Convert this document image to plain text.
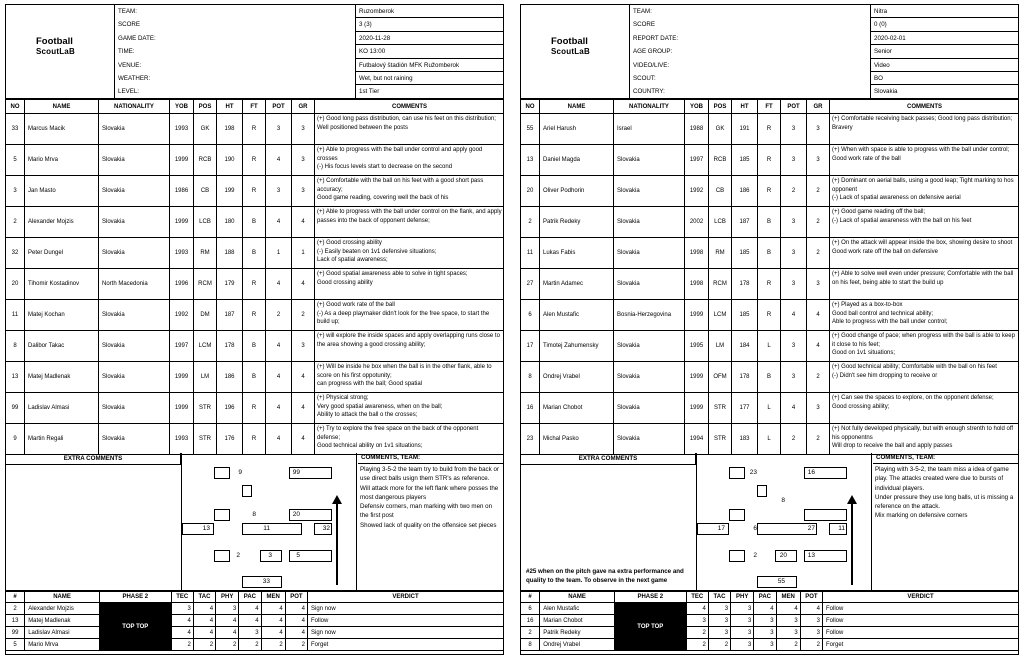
Football
ScoutLaB
TEAM:	Ruzomberok
SCORE	3 (3)
GAME DATE:	2020-11-28
TIME:	KO 13:00
VENUE:	Futbalový štadión MFK Ružomberok
WEATHER:	Wet, but not raining
LEVEL:	1st Tier
NO	NAME	NATIONALITY	YOB	POS	HT	FT	POT	GR	COMMENTS
33	Marcus Macik	Slovakia	1993	GK	198	R	3	3	(+) Good long pass distribution, can use his feet on this distribution;
Well positioned between the posts
5	Mario Mrva	Slovakia	1999	RCB	190	R	4	3	(+) Able to progress with the ball under control and apply good crosses
(-) His focus levels start to decrease on the second
3	Jan Masto	Slovakia	1986	CB	199	R	3	3	(+) Comfortable with the ball on his feet with a good short pass accuracy;
Good game reading, covering well the back of his
2	Alexander Mojzis	Slovakia	1999	LCB	180	B	4	4	(+) Able to progress with the ball under control on the flank, and apply passes into the back of opponent defense;
32	Peter Dungel	Slovakia	1993	RM	188	B	1	1	(+) Good crossing ability
(-) Easily beaten on 1v1 defensive situations;
Lack of spatial awareness;
20	Tihomir Kostadinov	North Macedonia	1996	RCM	179	R	4	4	(+) Good spatial awareness able to solve in tight spaces;
Good crossing ability
11	Matej Kochan	Slovakia	1992	DM	187	R	2	2	(+) Good work rate of the ball
(-) As a deep playmaker didn't look for the free space, to start the build up;
8	Dalibor Takac	Slovakia	1997	LCM	178	B	4	3	(+) will explore the inside spaces and apply overlapping runs close to the area showing a good crossing ability;
13	Matej Madlenak	Slovakia	1999	LM	186	B	4	4	(+) Will be inside he box when the ball is in the other flank, able to score on his first oppotunity;
can progress with the ball; Good spatial
99	Ladislav Almasi	Slovakia	1999	STR	196	R	4	4	(+) Physical strong;
Very good spatial awareness, when on the ball;
Ability to attack the ball o the crosses;
9	Martin Regali	Slovakia	1993	STR	176	R	4	4	(+) Try to explore the free space on the back of the opponent defense;
Good technical ability on 1v1 situations;
EXTRA COMMENTS
9	99
8	20
13	11	32
2	3	5
33
COMMENTS, TEAM:
Playing 3-5-2 the team try to build from the back or use direct balls usign them STR's as reference. Will attack more for the left flank where posses the most dangerous players
Defensiv corners, man marking with two men on the first post
Showed lack of quality on the offensice set pieces
#	NAME	PHASE 2	TEC	TAC	PHY	PAC	MEN	POT	VERDICT
2	Alexander Mojzis	TOP TOP	3	4	3	4	4	4	Sign now
13	Matej Madlenak		4	4	4	4	4	4	Follow
99	Ladislav Almasi		4	4	4	3	4	4	Sign now
5	Mario Mrva		2	2	2	2	2	2	Forget
Football
ScoutLaB
TEAM:	Nitra
SCORE	0 (0)
REPORT DATE:	2020-02-01
AGE GROUP:	Senior
VIDEO/LIVE:	Video
SCOUT:	BO
COUNTRY:	Slovakia
NO	NAME	NATIONALITY	YOB	POS	HT	FT	POT	GR	COMMENTS
55	Ariel Harush	Israel	1988	GK	191	R	3	3	(+) Comfortable receiving back passes; Good long pass distribution;
Bravery
13	Daniel Magda	Slovakia	1997	RCB	185	R	3	3	(+) When with space is able to progress with the ball under control;
Good work rate of the ball
20	Oliver Podhorin	Slovakia	1992	CB	186	R	2	2	(+) Dominant on aerial balls, using a good leap; Tight marking to hos opponent
(-) Lack of spatial awareness on defensive aerial
2	Patrik Redeky	Slovakia	2002	LCB	187	B	3	2	(+) Good game reading off the ball;
(-) Lack of spatial awareness with the ball on his feet
11	Lukas Fabis	Slovakia	1998	RM	185	B	3	2	(+) On the attack will appear inside the box, showing desire to shoot
Good work rate off the ball on defensive
27	Martin Adamec	Slovakia	1998	RCM	178	R	3	3	(+) Able to solve well even under pressure; Comfortable with the ball on his feet, being able to start the build up
6	Alen Mustafic	Bosnia-Herzegovina	1999	LCM	185	R	4	4	(+) Played as a box-to-box
Good ball control and technical ability;
Able to progress with the ball under control;
17	Timotej Zahumensky	Slovakia	1995	LM	184	L	3	4	(+) Good change of pace; when progress with the ball is able to keep it close to his feet;
Good on 1v1 situations;
8	Ondrej Vrabel	Slovakia	1999	OFM	178	B	3	2	(+) Good technical ability; Comfortable with the ball on his feet
(-) Didn't see him dropping to receive or
16	Marian Chobot	Slovakia	1999	STR	177	L	4	3	(+) Can see the spaces to explore, on the opponent defense;
Good crossing ability;
23	Michal Pasko	Slovakia	1994	STR	183	L	2	2	(+) Not fully developed physically, but with enough strenth to hold off his opponentns
Will drop to receive the ball and apply passes
EXTRA COMMENTS
#25 when on the pitch gave na extra performance and quality to the team. To observe in the next game
23	16
8
17	6	27	11
2	20	13
55
COMMENTS, TEAM:
Playing with 3-5-2, the team miss a idea of game play. The attacks created were due to bursts of individual players.
Under pressure they use long balls, ut is missing a reference on the attack.
Mix marking on defensive corners
#	NAME	PHASE 2	TEC	TAC	PHY	PAC	MEN	POT	VERDICT
6	Alen Mustafic	TOP TOP	4	3	3	4	4	4	Follow
16	Marian Chobot		3	3	3	3	3	3	Follow
2	Patrik Redeky		2	3	3	3	3	3	Follow
8	Ondrej Vrabel		2	2	3	3	2	2	Forget
